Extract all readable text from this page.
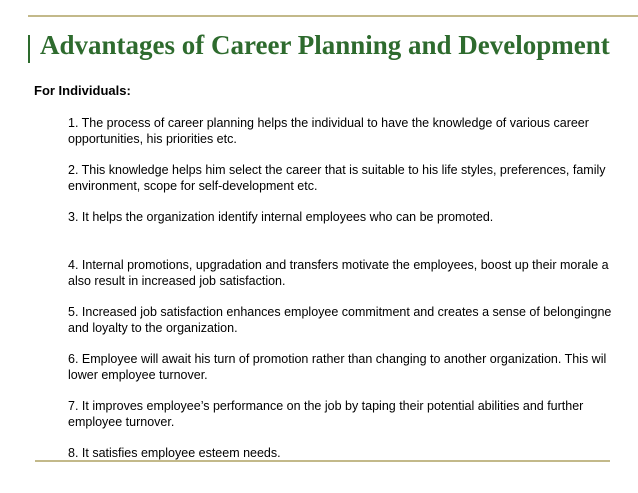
Advantages of Career Planning and Development
For Individuals:
1. The process of career planning helps the individual to have the knowledge of various career
opportunities, his priorities etc.
2. This knowledge helps him select the career that is suitable to his life styles, preferences, family
environment, scope for self-development etc.
3. It helps the organization identify internal employees who can be promoted.
4. Internal promotions, upgradation and transfers motivate the employees, boost up their morale a
also result in increased job satisfaction.
5. Increased job satisfaction enhances employee commitment and creates a sense of belongingne
and loyalty to the organization.
6. Employee will await his turn of promotion rather than changing to another organization. This wil
lower employee turnover.
7. It improves employee’s performance on the job by taping their potential abilities and further
employee turnover.
8. It satisfies employee esteem needs.
